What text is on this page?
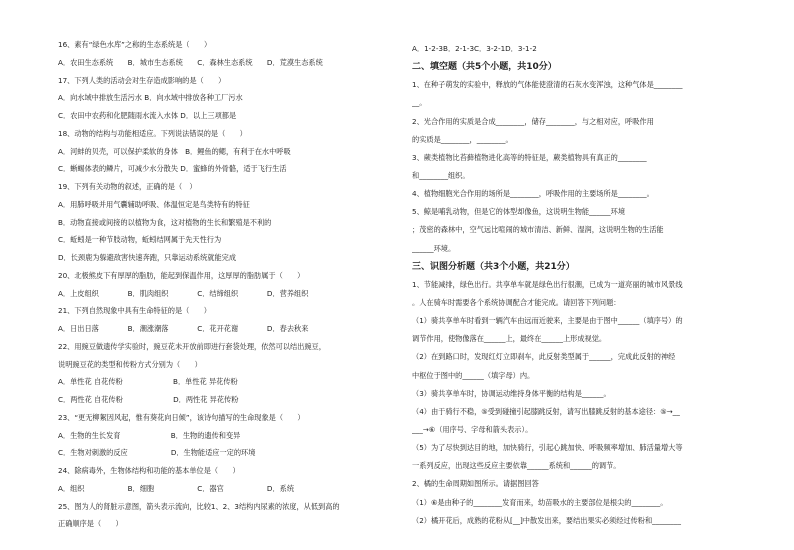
16、素有“绿色水库”之称的生态系统是（　　）
A．农田生态系统　　B．城市生态系统　　C．森林生态系统　　D．荒漠生态系统
17、下列人类的活动会对生存造成影响的是（　　）
A．向水域中排放生活污水 B．向水域中排放各种工厂污水
C．农田中农药和化肥随雨水流入水体 D．以上三项都是
18、动物的结构与功能相适应。下列说法错误的是（　　）
A．河蚌的贝壳，可以保护柔软的身体　B．鲤鱼的鳃，有利于在水中呼吸
C．蜥蜴体表的鳞片，可减少水分散失 D．蜜蜂的外骨骼，适于飞行生活
19、下列有关动物的叙述，正确的是（　）
A．用肺呼吸并用气囊辅助呼吸、体温恒定是鸟类特有的特征
B．动物直接或间接的以植物为食，这对植物的生长和繁殖是不利的
C．蚯蚓是一种节肢动物，蚯蚓结网属于先天性行为
D．长颈鹿为躲避敌害快速奔跑，只靠运动系统就能完成
20、北极熊皮下有厚厚的脂肪，能起到保温作用，这厚厚的脂肪属于（　　）
A．上皮组织　　　　B．肌肉组织　　　　C．结缔组织　　　　D．营养组织
21、下列自然现象中具有生命特征的是（　　）
A．日出日落　　　　B．潮涨潮落　　　　C．花开花谢　　　　D．春去秋来
22、用豌豆做遗传学实验时，豌豆花未开放前即进行套袋处理，依然可以结出豌豆，
说明豌豆花的类型和传粉方式分别为（　　）
A．单性花 自花传粉　　　　　　　B．单性花 异花传粉
C．两性花 自花传粉　　　　　　　D．两性花 异花传粉
23、“更无柳絮因风起，惟有葵花向日倾”，该诗句描写的生命现象是（　　）
A．生物的生长发育　　　　　　　B．生物的遗传和变异
C．生物对刺激的反应　　　　　　D．生物能适应一定的环境
24、除病毒外，生物体结构和功能的基本单位是（　　）
A．组织　　　　　　B．细胞　　　　　　C．器官　　　　　　D．系统
25、图为人的肾脏示意图，箭头表示流向，比较1、2、3结构内尿素的浓度，从低到高的
正确顺序是（　　）
A．1-2-3B．2-1-3C．3-2-1D．3-1-2
二、填空题（共5个小题，共10分）
1、在种子萌发的实验中，释放的气体能使澄清的石灰水变浑浊，这种气体是________
__。
2、光合作用的实质是合成________，储存________，与之相对应，呼吸作用
的实质是________，________。
3、蕨类植物比苔藓植物进化高等的特征是，蕨类植物具有真正的________
和________组织。
4、植物细胞光合作用的场所是________，呼吸作用的主要场所是________。
5、鲸是哺乳动物，但是它的体型却像鱼，这说明生物能______环境
；茂密的森林中，空气远比喧闹的城市清洁、新鲜、湿润，这说明生物的生活能
______环境。
三、识图分析题（共3个小题，共21分）
1、节能减排，绿色出行。共享单车就是绿色出行很潮，已成为一道亮丽的城市风景线
。人在骑车时需要各个系统协调配合才能完成。请回答下列问题：
（1）骑共享单车时看到一辆汽车由远而近驶来，主要是由于图中______（填序号）的
调节作用，使物像落在______上，最终在______上形成视觉。
（2）在到路口时，发现红灯立即刹车，此反射类型属于______，完成此反射的神经
中枢位于图中的______（填字母）内。
（3）骑共享单车时，协调运动维持身体平衡的结构是______。
（4）由于骑行不稳，⑤受到碰撞引起膝跳反射，请写出膝跳反射的基本途径：⑤→__
___→⑥（用序号、字母和箭头表示）。
（5）为了尽快到达目的地，加快骑行，引起心跳加快、呼吸频率增加、肺活量增大等
一系列反应，出现这些反应主要依靠______系统和______的调节。
2、橘的生命周期如图所示。请据图回答
（1）⑥是由种子的________发育而来，幼苗吸水的主要部位是根尖的________。
（2）橘开花后，成熟的花粉从[__]中散发出来，要结出果实必须经过传粉和________
